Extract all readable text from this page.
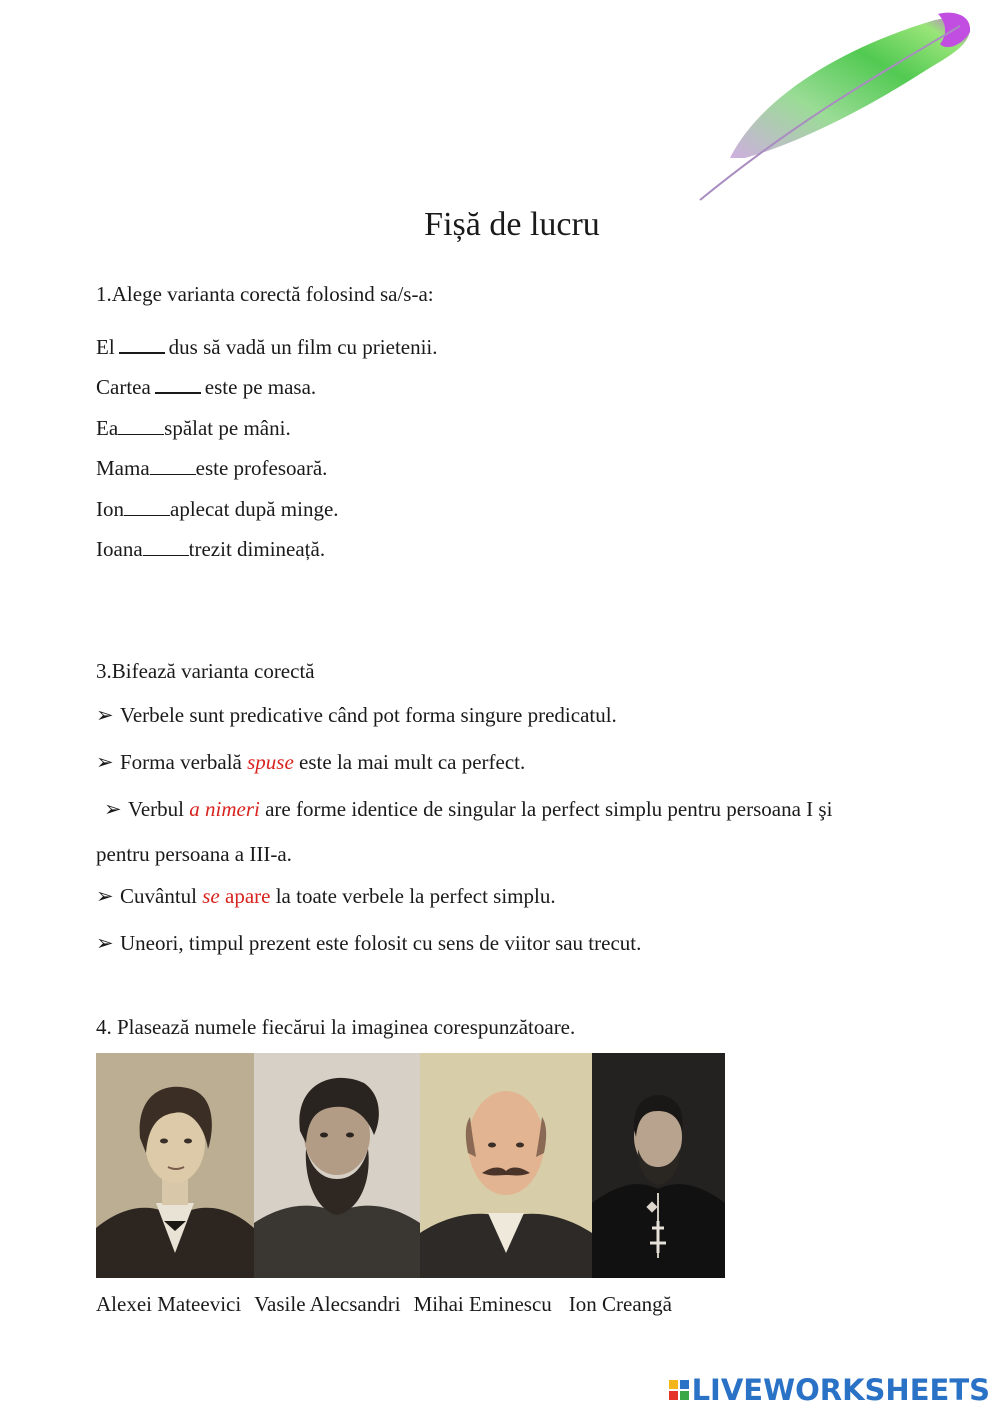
Fișă de lucru
1.Alege varianta corectă folosind sa/s-a:
El	dus să vadă un film cu prietenii.
Cartea	este pe masa.
Ea spălat pe mâni.
Mama este profesoară.
Ion aplecat după minge.
Ioana trezit dimineață.
3.Bifează varianta corectă
➢ Verbele sunt predicative când pot forma singure predicatul.
➢ Forma verbală spuse este la mai mult ca perfect.
➢ Verbul a nimeri are forme identice de singular la perfect simplu pentru persoana I şi
pentru persoana a III-a.
➢ Cuvântul se apare la toate verbele la perfect simplu.
➢ Uneori, timpul prezent este folosit cu sens de viitor sau trecut.
4. Plasează numele fiecărui la imaginea corespunzătoare.
Alexei Mateevici Vasile Alecsandri Mihai Eminescu Ion Creangă
LIVEWORKSHEETS
